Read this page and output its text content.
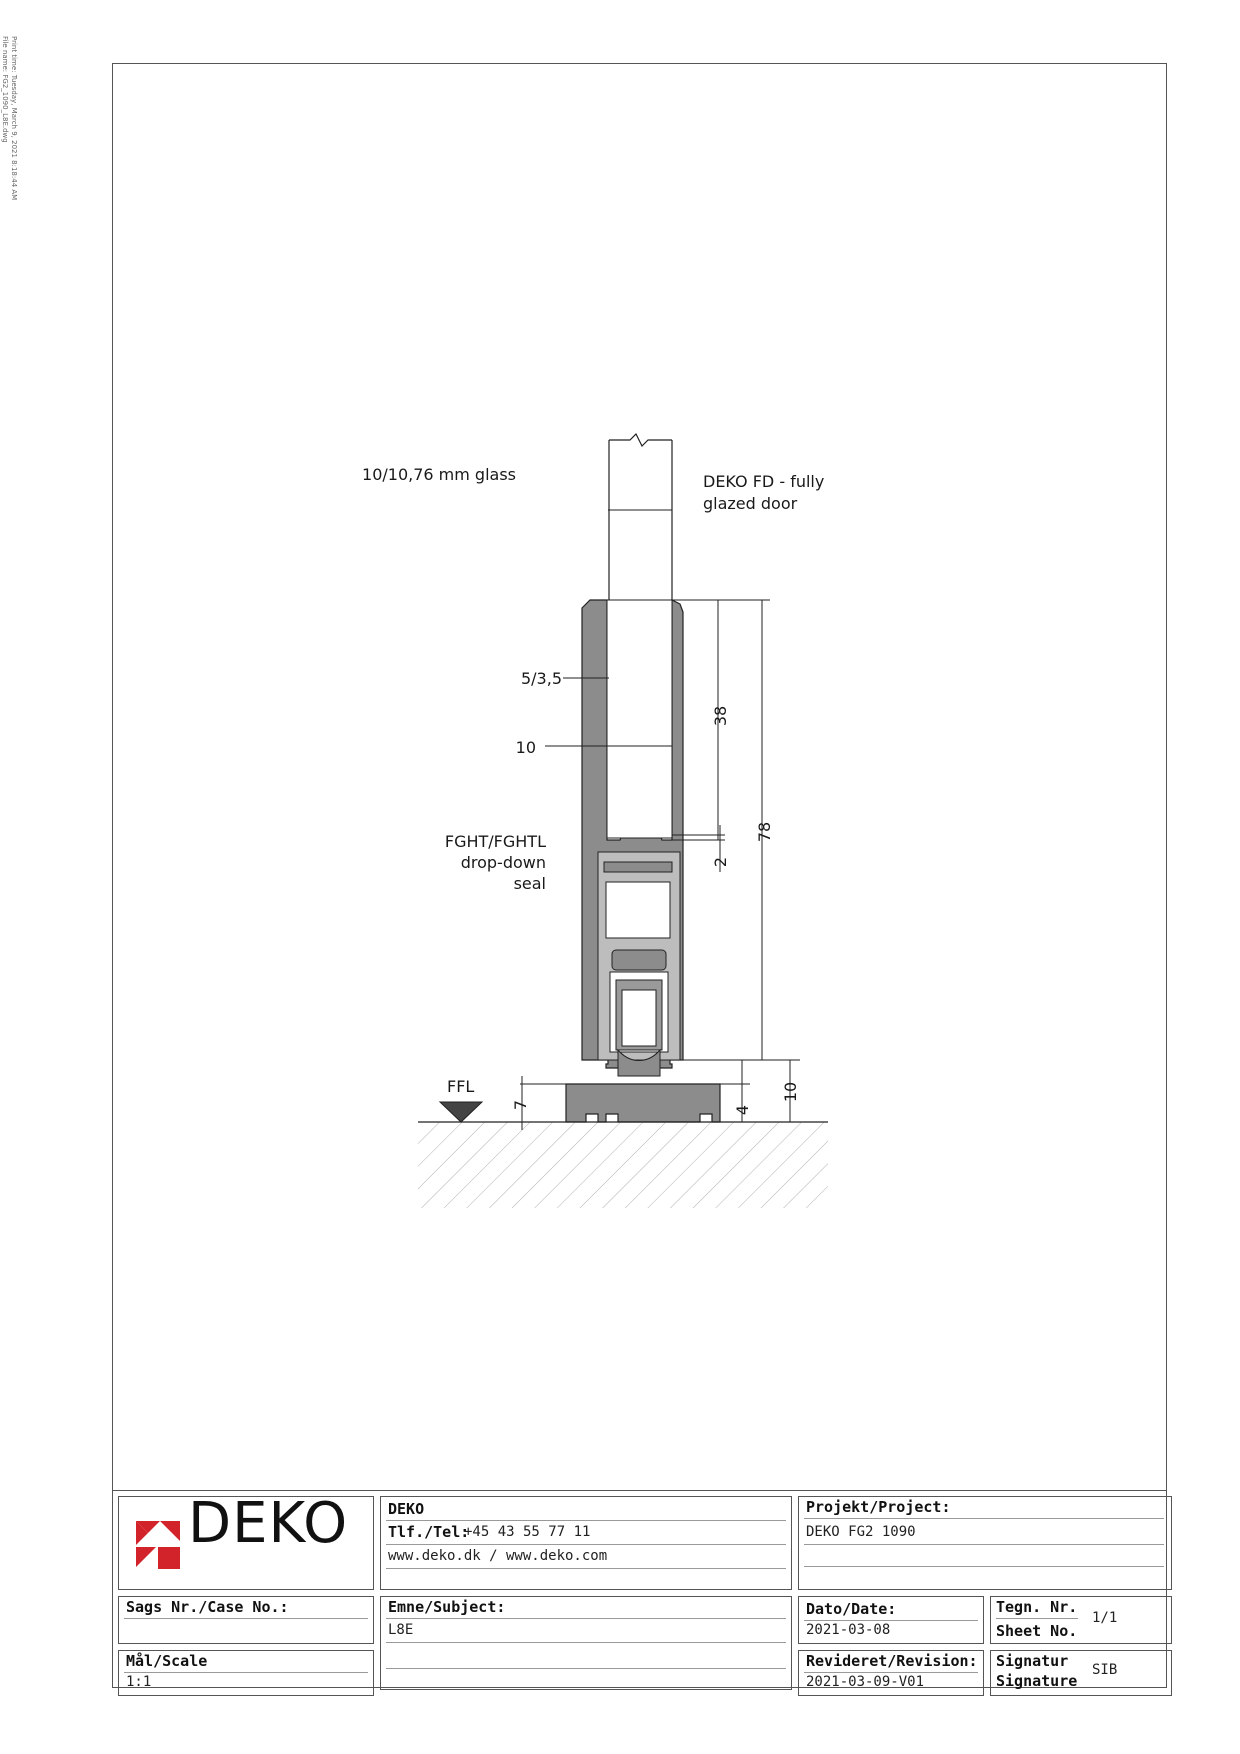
Print time: Tuesday, March 9, 2021 8:18:44 AM
File name: FG2_1090_L8E.dwg
10/10,76 mm glass	DEKO FD - fully
glazed door
5/3,5
10
FGHT/FGHTL
drop-down
seal
FFL
38
78
2
7	4
10
DEKO	DEKO
Tlf./Tel:
+45 43 55 77 11
www.deko.dk / www.deko.com
Projekt/Project:
DEKO FG2 1090
Sags Nr./Case No.:	Emne/Subject:
L8E
Dato/Date:
2021-03-08
Tegn. Nr.
Sheet No.
1/1
Mål/Scale
1:1
Revideret/Revision:
2021-03-09-V01
Signatur
Signature
SIB
